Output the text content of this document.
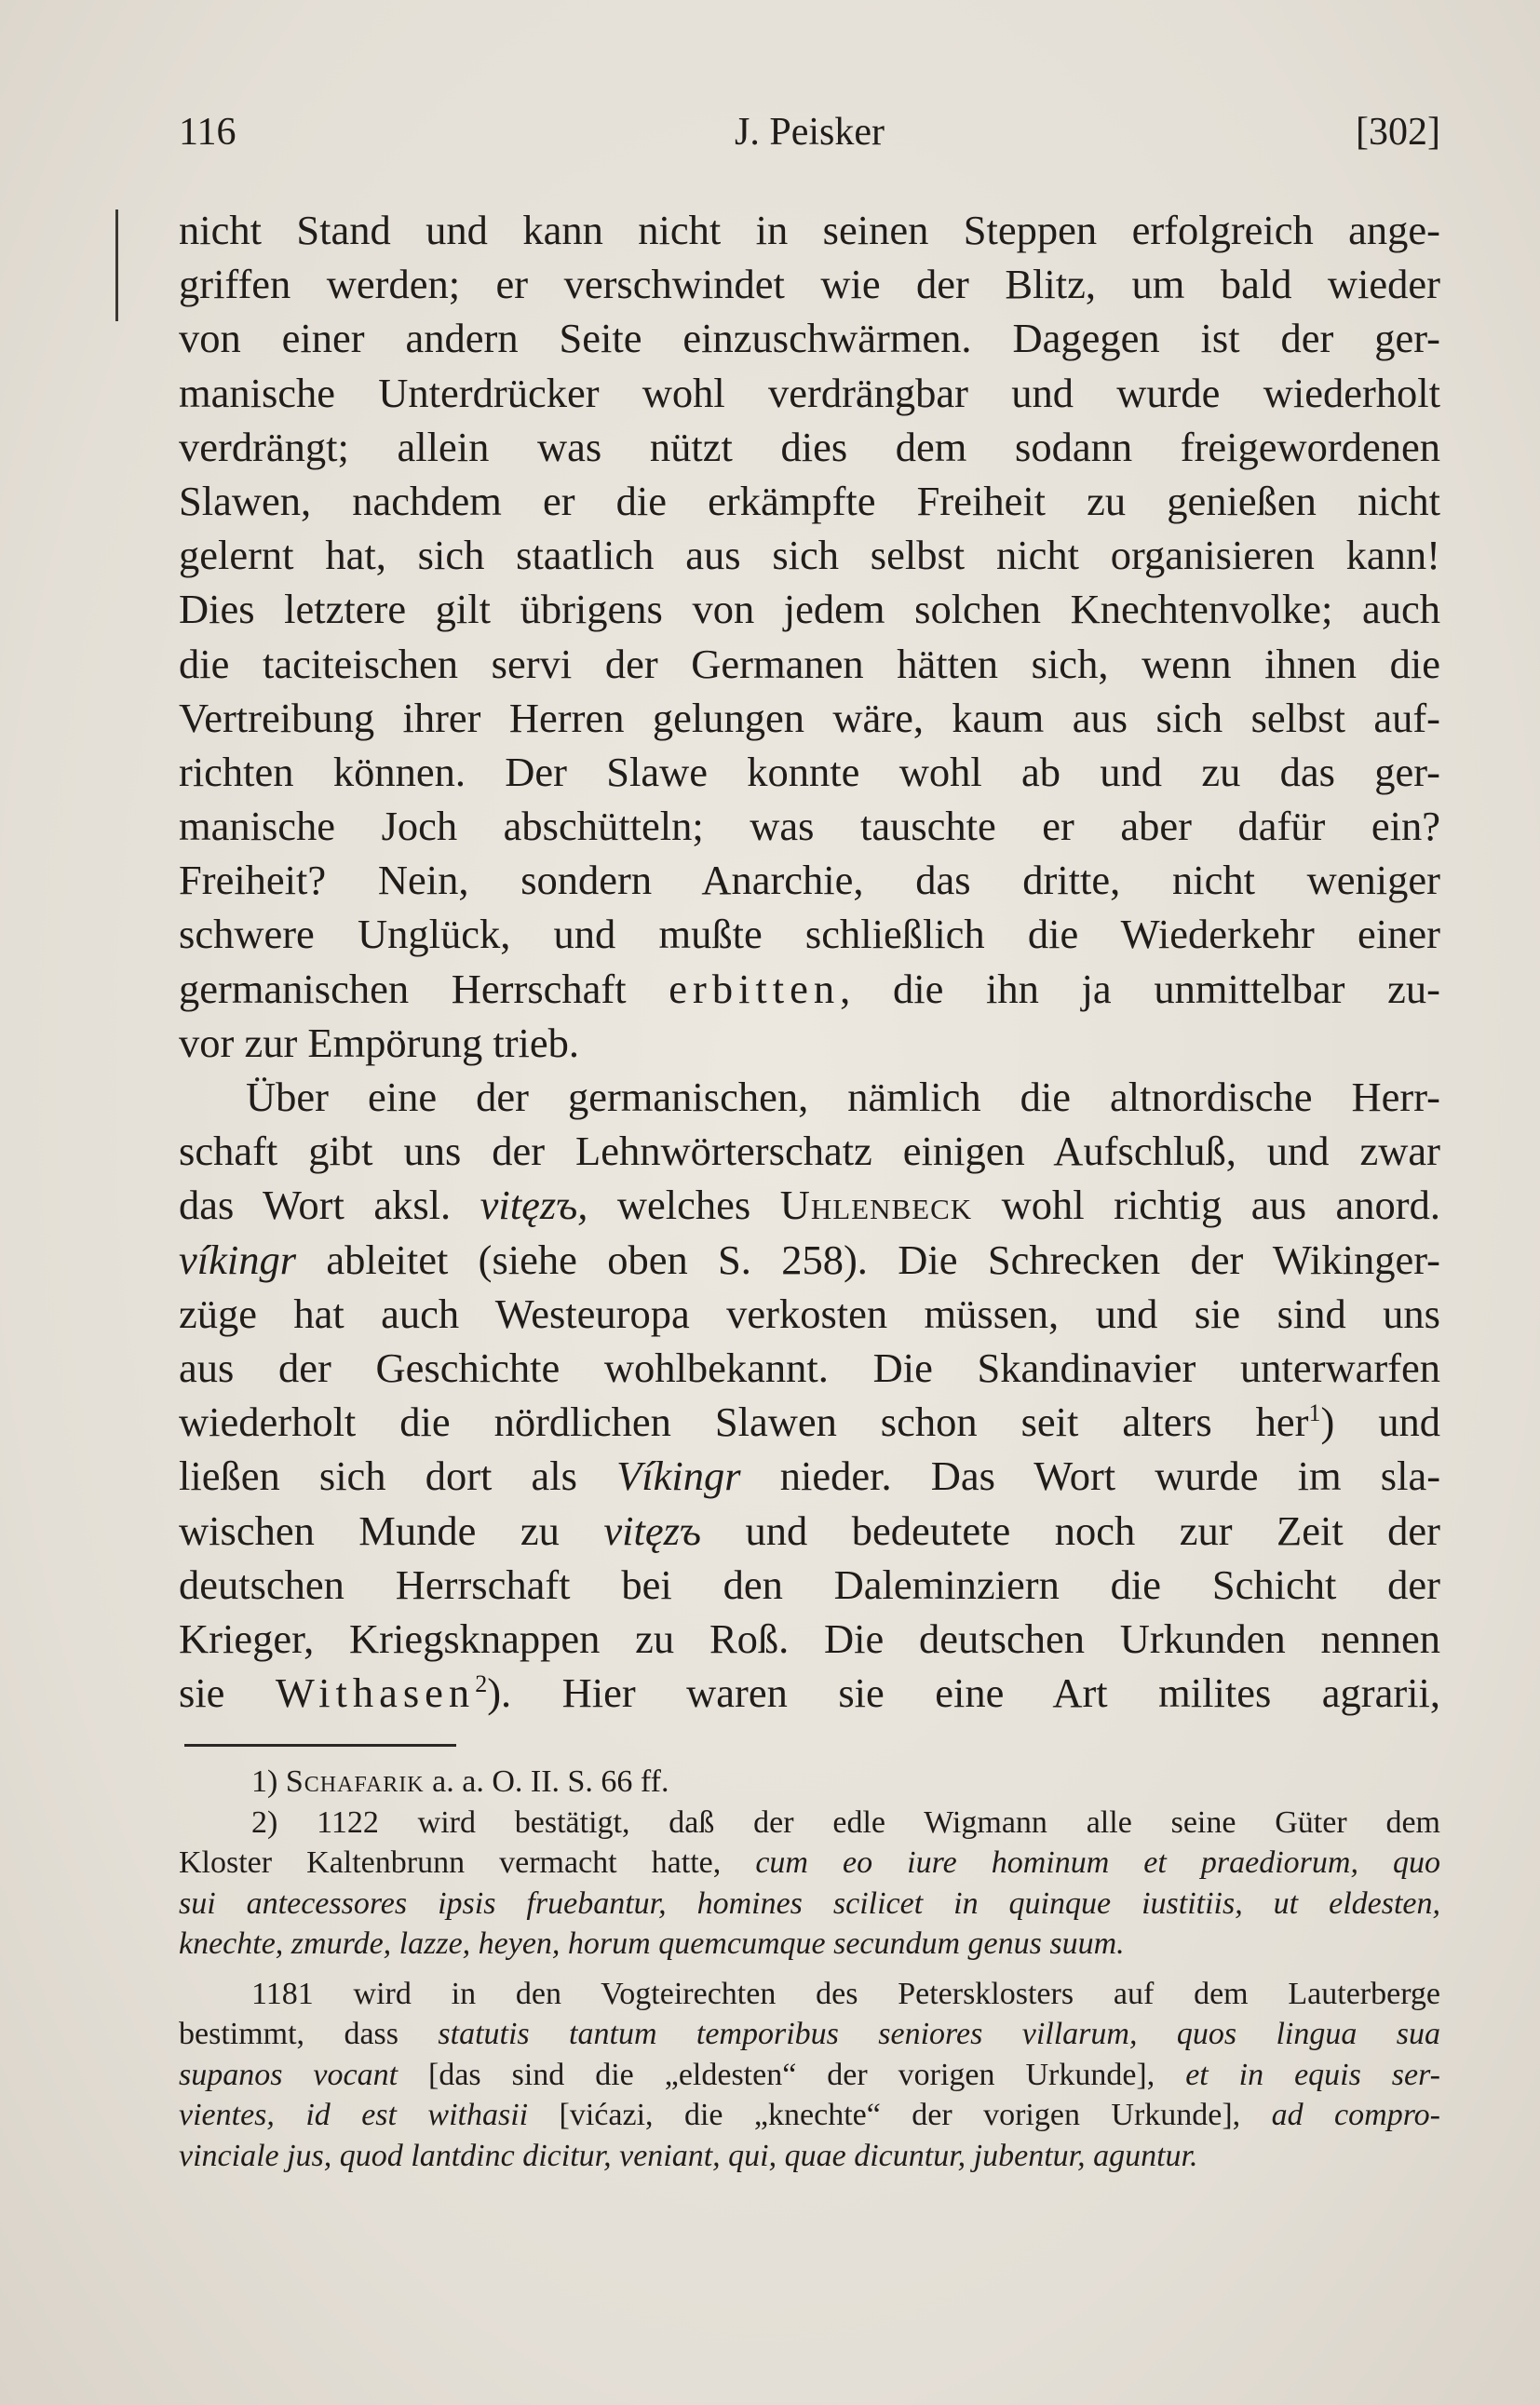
116	J. Peisker	[302]
nicht Stand und kann nicht in seinen Steppen erfolgreich ange-
griffen werden; er verschwindet wie der Blitz, um bald wieder
von einer andern Seite einzuschwärmen. Dagegen ist der ger-
manische Unterdrücker wohl verdrängbar und wurde wiederholt
verdrängt; allein was nützt dies dem sodann freigewordenen
Slawen, nachdem er die erkämpfte Freiheit zu genießen nicht
gelernt hat, sich staatlich aus sich selbst nicht organisieren kann!
Dies letztere gilt übrigens von jedem solchen Knechtenvolke; auch
die taciteischen servi der Germanen hätten sich, wenn ihnen die
Vertreibung ihrer Herren gelungen wäre, kaum aus sich selbst auf-
richten können. Der Slawe konnte wohl ab und zu das ger-
manische Joch abschütteln; was tauschte er aber dafür ein?
Freiheit? Nein, sondern Anarchie, das dritte, nicht weniger
schwere Unglück, und mußte schließlich die Wiederkehr einer
germanischen Herrschaft erbitten, die ihn ja unmittelbar zu-
vor zur Empörung trieb.
Über eine der germanischen, nämlich die altnordische Herr-
schaft gibt uns der Lehnwörterschatz einigen Aufschluß, und zwar
das Wort aksl. vitęzъ, welches Uhlenbeck wohl richtig aus anord.
víkingr ableitet (siehe oben S. 258). Die Schrecken der Wikinger-
züge hat auch Westeuropa verkosten müssen, und sie sind uns
aus der Geschichte wohlbekannt. Die Skandinavier unterwarfen
wiederholt die nördlichen Slawen schon seit alters her$^1$) und
ließen sich dort als Víkingr nieder. Das Wort wurde im sla-
wischen Munde zu vitęzъ und bedeutete noch zur Zeit der
deutschen Herrschaft bei den Daleminziern die Schicht der
Krieger, Kriegsknappen zu Roß. Die deutschen Urkunden nennen
sie Withasen$^2$). Hier waren sie eine Art milites agrarii,
1) Schafarik a. a. O. II. S. 66 ff.
2) 1122 wird bestätigt, daß der edle Wigmann alle seine Güter dem
Kloster Kaltenbrunn vermacht hatte, cum eo iure hominum et praediorum, quo
sui antecessores ipsis fruebantur, homines scilicet in quinque iustitiis, ut eldesten,
knechte, zmurde, lazze, heyen, horum quemcumque secundum genus suum.
1181 wird in den Vogteirechten des Petersklosters auf dem Lauterberge
bestimmt, dass statutis tantum temporibus seniores villarum, quos lingua sua
supanos vocant [das sind die „eldesten“ der vorigen Urkunde], et in equis ser-
vientes, id est withasii [vićazi, die „knechte“ der vorigen Urkunde], ad compro-
vinciale jus, quod lantdinc dicitur, veniant, qui, quae dicuntur, jubentur, aguntur.
